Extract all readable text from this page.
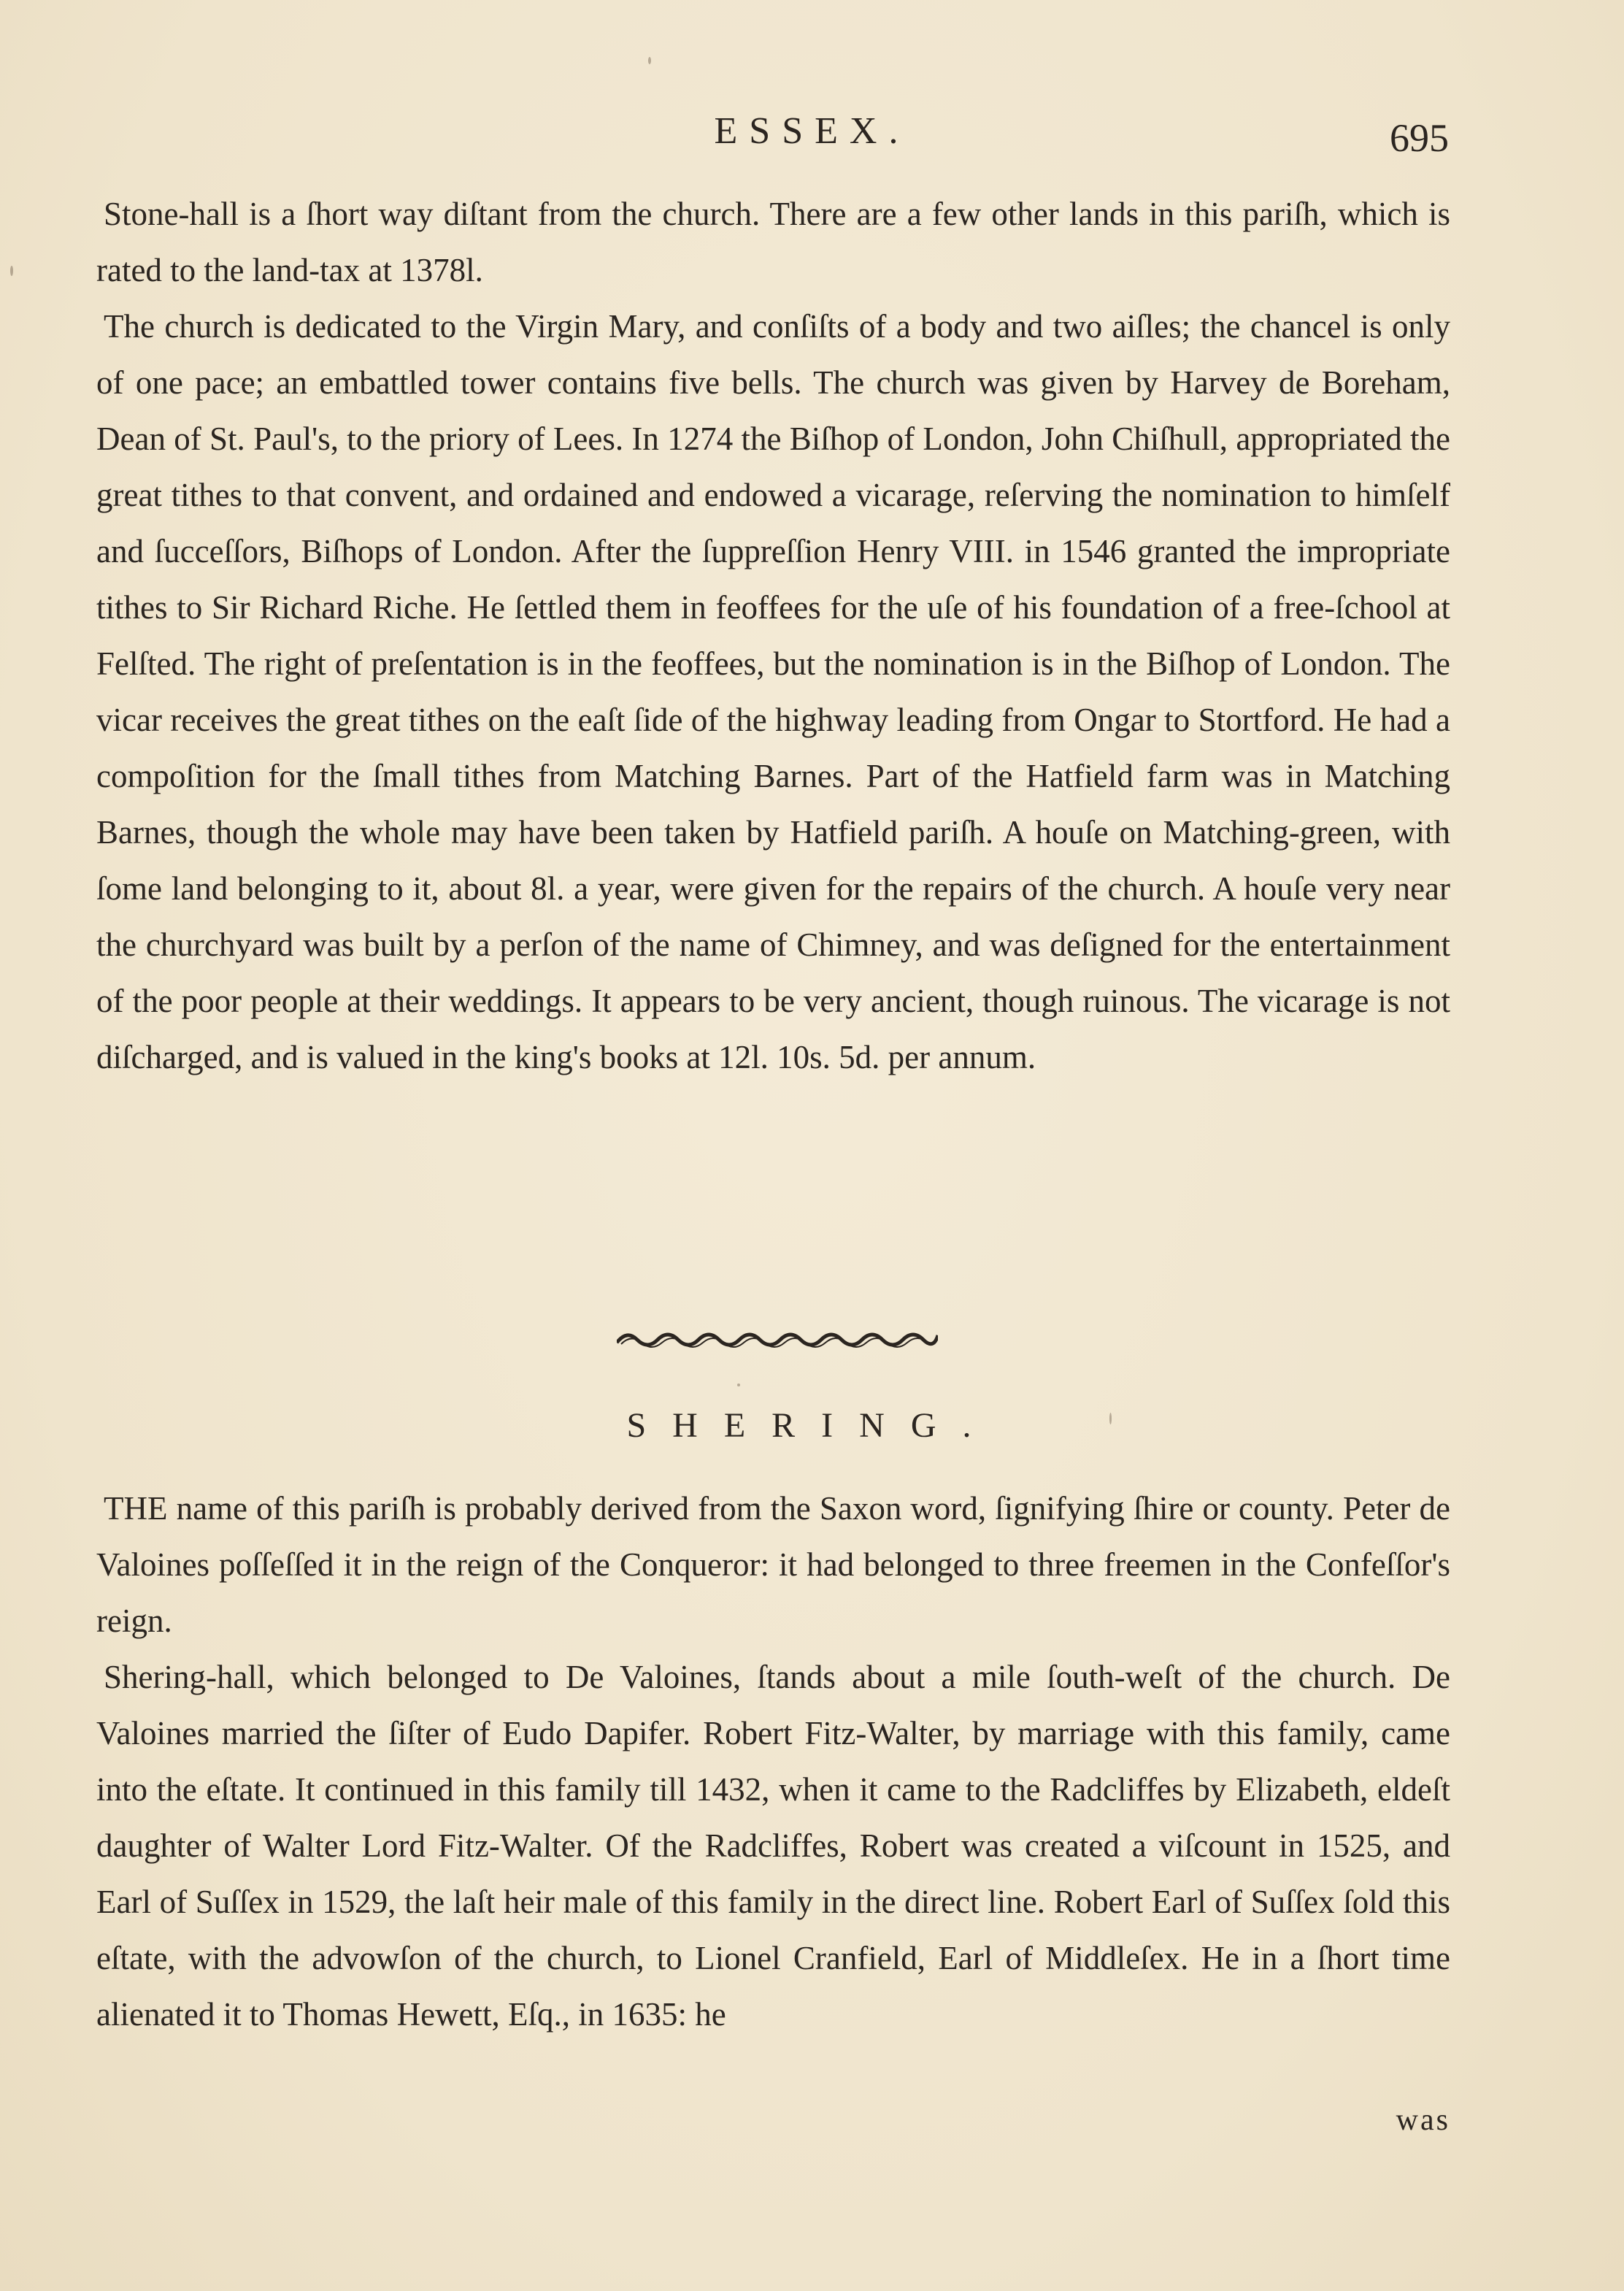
ESSEX.	695

Stone-hall is a ſhort way diſtant from the church. There are a few other lands in this pariſh, which is rated to the land-tax at 1378l.

The church is dedicated to the Virgin Mary, and conſiſts of a body and two aiſles; the chancel is only of one pace; an embattled tower contains five bells. The church was given by Harvey de Boreham, Dean of St. Paul's, to the priory of Lees. In 1274 the Biſhop of London, John Chiſhull, appropriated the great tithes to that convent, and ordained and endowed a vicarage, reſerving the nomination to himſelf and ſucceſſors, Biſhops of London. After the ſuppreſſion Henry VIII. in 1546 granted the impropriate tithes to Sir Richard Riche. He ſettled them in feoffees for the uſe of his foundation of a free-ſchool at Felſted. The right of preſentation is in the feoffees, but the nomination is in the Biſhop of London. The vicar receives the great tithes on the eaſt ſide of the highway leading from Ongar to Stortford. He had a compoſition for the ſmall tithes from Matching Barnes. Part of the Hatfield farm was in Matching Barnes, though the whole may have been taken by Hatfield pariſh. A houſe on Matching-green, with ſome land belonging to it, about 8l. a year, were given for the repairs of the church. A houſe very near the churchyard was built by a perſon of the name of Chimney, and was deſigned for the entertainment of the poor people at their weddings. It appears to be very ancient, though ruinous. The vicarage is not diſcharged, and is valued in the king's books at 12l. 10s. 5d. per annum.

SHERING.

THE name of this pariſh is probably derived from the Saxon word, ſignifying ſhire or county. Peter de Valoines poſſeſſed it in the reign of the Conqueror: it had belonged to three freemen in the Confeſſor's reign.

Shering-hall, which belonged to De Valoines, ſtands about a mile ſouth-weſt of the church. De Valoines married the ſiſter of Eudo Dapifer. Robert Fitz-Walter, by marriage with this family, came into the eſtate. It continued in this family till 1432, when it came to the Radcliffes by Elizabeth, eldeſt daughter of Walter Lord Fitz-Walter. Of the Radcliffes, Robert was created a viſcount in 1525, and Earl of Suſſex in 1529, the laſt heir male of this family in the direct line. Robert Earl of Suſſex ſold this eſtate, with the advowſon of the church, to Lionel Cranfield, Earl of Middleſex. He in a ſhort time alienated it to Thomas Hewett, Eſq., in 1635: he

was
